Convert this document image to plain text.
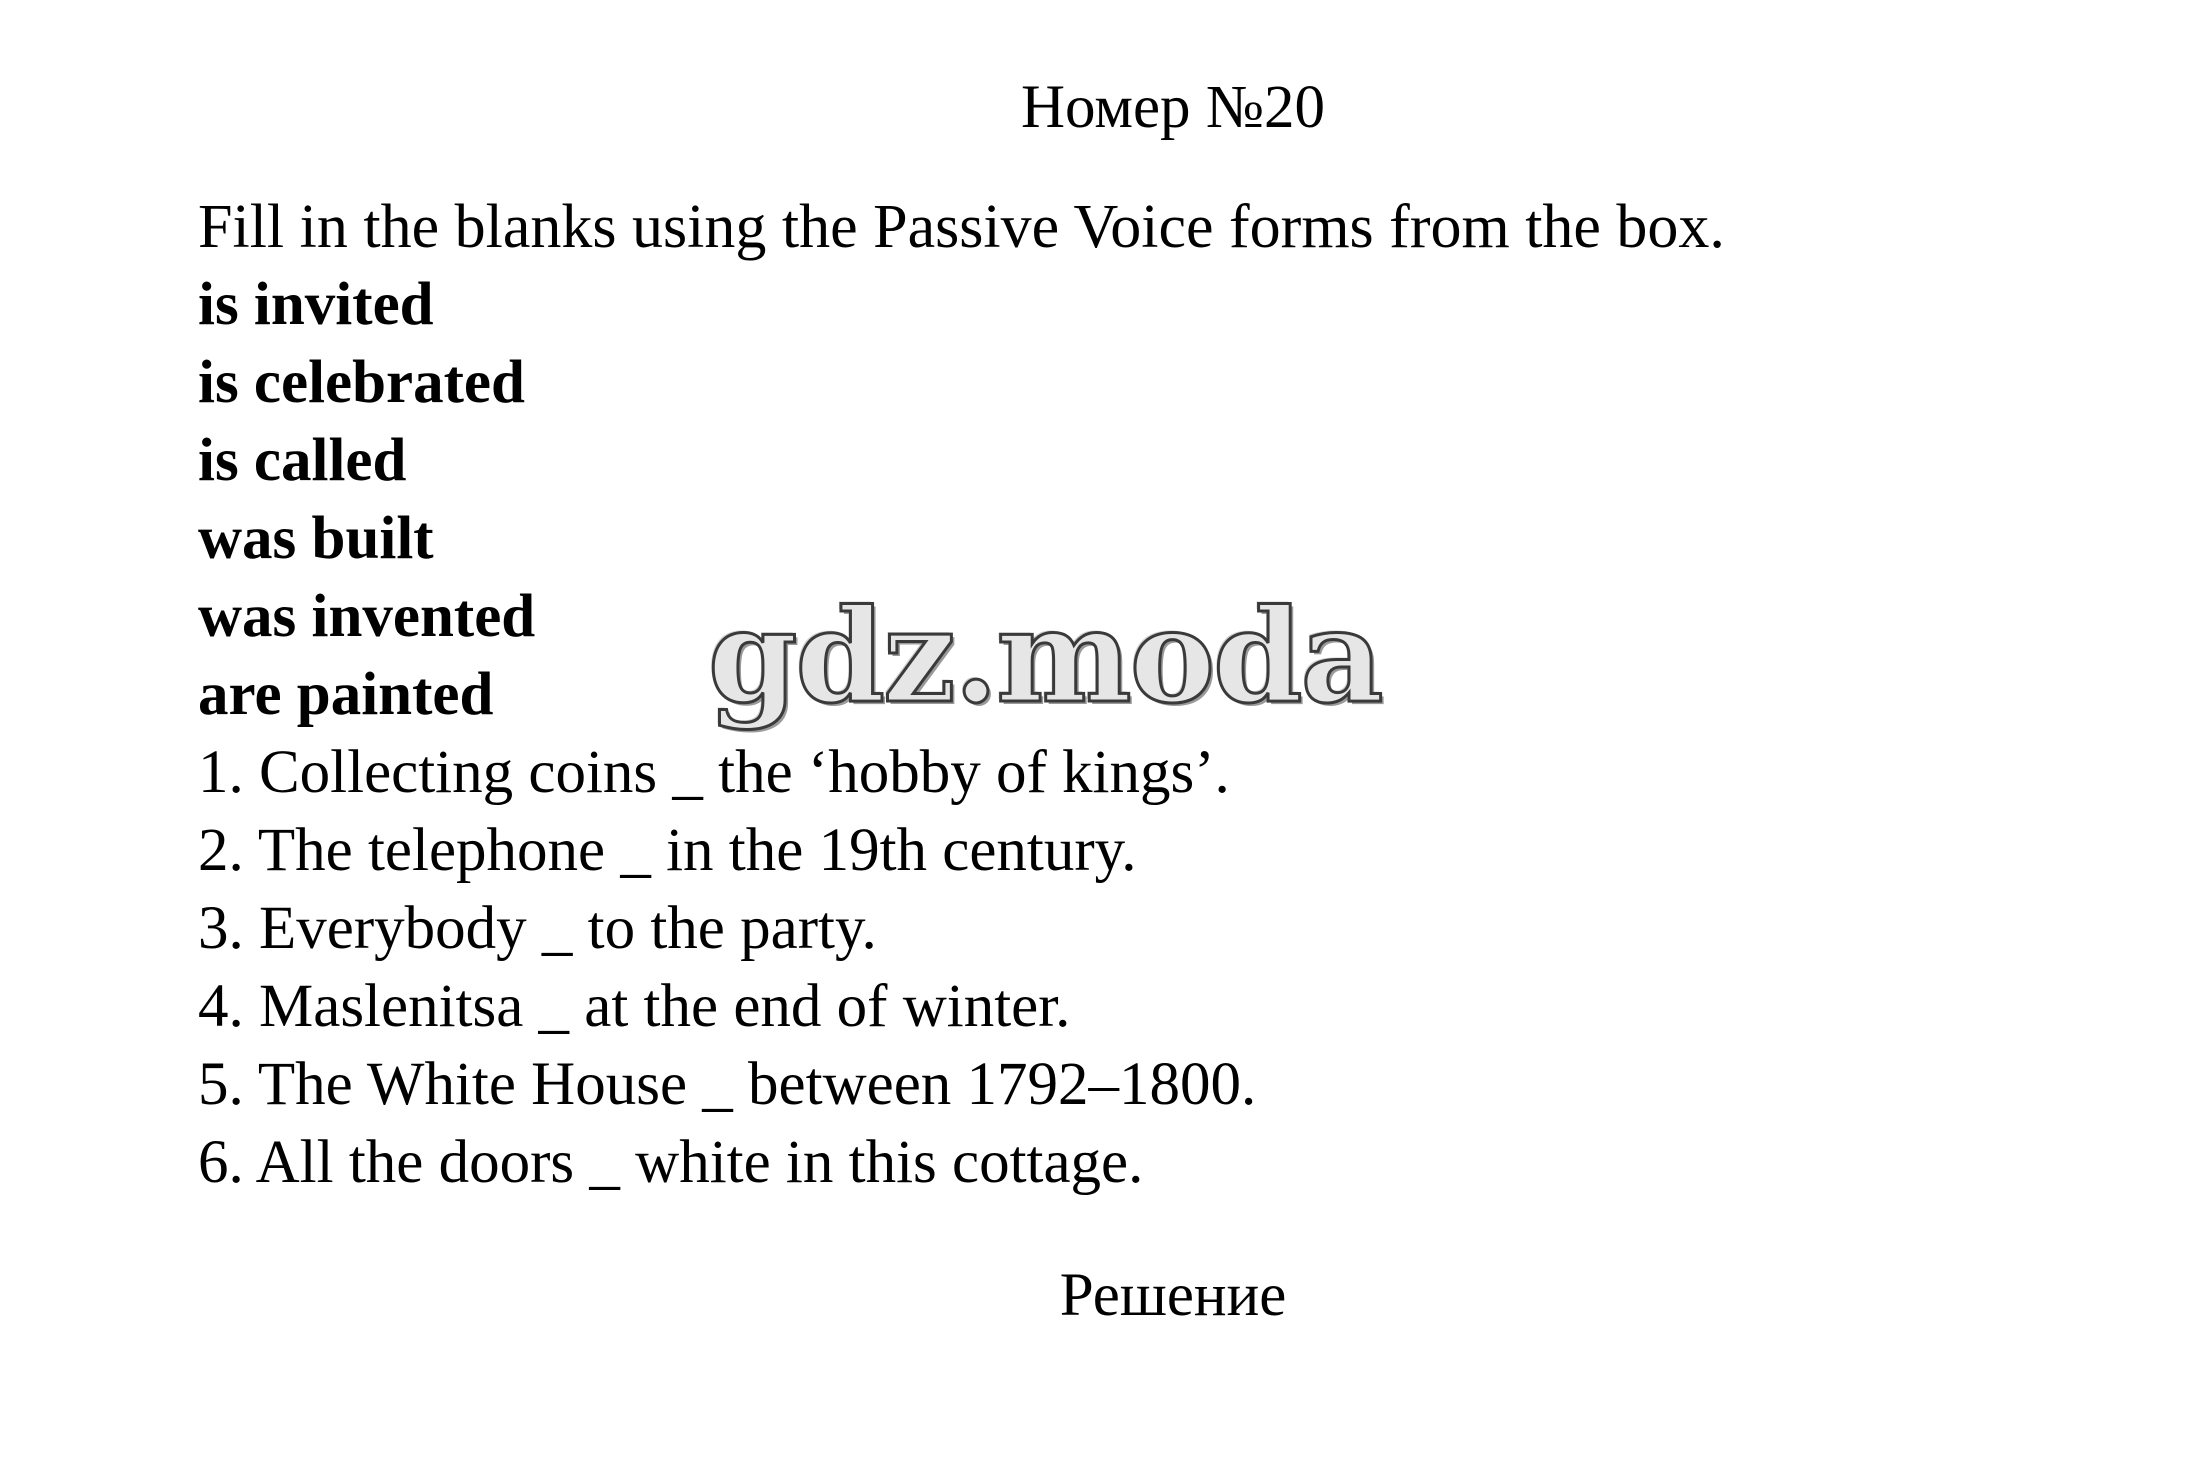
Номер №20
Fill in the blanks using the Passive Voice forms from the box.
is invited
is celebrated
is called
was built
was invented
are painted
1. Collecting coins _ the ‘hobby of kings’.
2. The telephone _ in the 19th century.
3. Everybody _ to the party.
4. Maslenitsa _ at the end of winter.
5. The White House _ between 1792–1800.
6. All the doors _ white in this cottage.
gdz.moda
Решение
